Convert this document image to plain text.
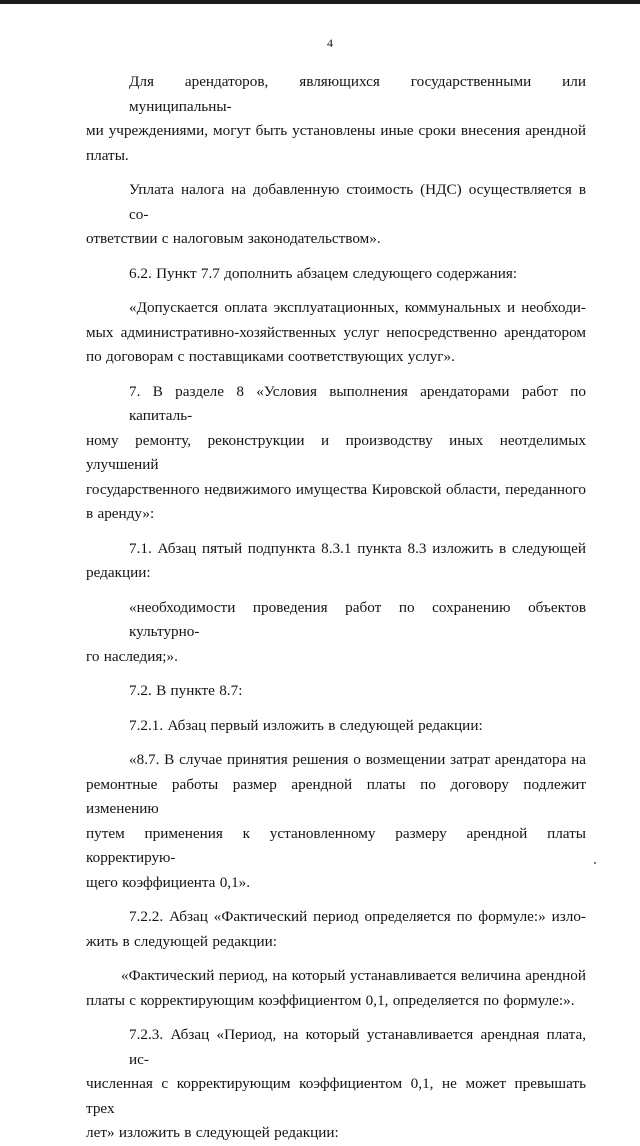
4
Для арендаторов, являющихся государственными или муниципальны-
ми учреждениями, могут быть установлены иные сроки внесения арендной
платы.
Уплата налога на добавленную стоимость (НДС) осуществляется в со-
ответствии с налоговым законодательством».
6.2. Пункт 7.7 дополнить абзацем следующего содержания:
«Допускается оплата эксплуатационных, коммунальных и необходи-
мых административно-хозяйственных услуг непосредственно арендатором
по договорам с поставщиками соответствующих услуг».
7. В разделе 8 «Условия выполнения арендаторами работ по капиталь-
ному ремонту, реконструкции и производству иных неотделимых улучшений
государственного недвижимого имущества Кировской области, переданного
в аренду»:
7.1. Абзац пятый подпункта 8.3.1 пункта 8.3 изложить в следующей
редакции:
«необходимости проведения работ по сохранению объектов культурно-
го наследия;».
7.2. В пункте 8.7:
7.2.1. Абзац первый изложить в следующей редакции:
«8.7. В случае принятия решения о возмещении затрат арендатора на
ремонтные работы размер арендной платы по договору подлежит изменению
путем применения к установленному размеру арендной платы корректирую-
щего коэффициента 0,1».
7.2.2. Абзац «Фактический период определяется по формуле:» изло-
жить в следующей редакции:
«Фактический период, на который устанавливается величина арендной
платы с корректирующим коэффициентом 0,1, определяется по формуле:».
7.2.3. Абзац «Период, на который устанавливается арендная плата, ис-
численная с корректирующим коэффициентом 0,1, не может превышать трех
лет» изложить в следующей редакции:
